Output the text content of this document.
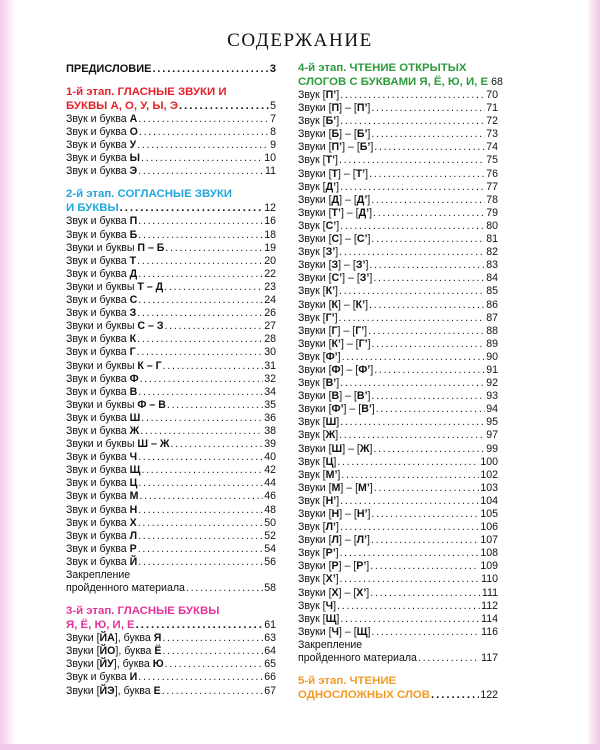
СОДЕРЖАНИЕ
ПРЕДИСЛОВИЕ . . .	3
1-й этап. ГЛАСНЫЕ ЗВУКИ И
БУКВЫ А, О, У, Ы, Э . . .	5
Звук и буква А . . .	7
Звук и буква О . . .	8
Звук и буква У . . .	9
Звук и буква Ы . . .	10
Звук и буква Э . . .	11
2-й этап. СОГЛАСНЫЕ ЗВУКИ
И БУКВЫ . . .	12
Звук и буква П . . .	16
Звук и буква Б . . .	18
Звуки и буквы П – Б . . .	19
Звук и буква Т . . .	20
Звук и буква Д . . .	22
Звуки и буквы Т – Д . . .	23
Звук и буква С . . .	24
Звук и буква З . . .	26
Звуки и буквы С – З . . .	27
Звук и буква К . . .	28
Звук и буква Г . . .	30
Звуки и буквы К – Г . . .	31
Звук и буква Ф . . .	32
Звук и буква В . . .	34
Звуки и буквы Ф – В . . .	35
Звук и буква Ш . . .	36
Звук и буква Ж . . .	38
Звуки и буквы Ш – Ж . . .	39
Звук и буква Ч . . .	40
Звук и буква Щ . . .	42
Звук и буква Ц . . .	44
Звук и буква М . . .	46
Звук и буква Н . . .	48
Звук и буква Х . . .	50
Звук и буква Л . . .	52
Звук и буква Р . . .	54
Звук и буква Й . . .	56
Закрепление
пройденного материала . . .	58
3-й этап. ГЛАСНЫЕ БУКВЫ
Я, Ё, Ю, И, Е . . .	61
Звуки [ЙА], буква Я . . .	63
Звуки [ЙО], буква Ё . . .	64
Звуки [ЙУ], буква Ю . . .	65
Звук и буква И . . .	66
Звуки [ЙЭ], буква Е . . .	67
4-й этап. ЧТЕНИЕ ОТКРЫТЫХ
СЛОГОВ С БУКВАМИ Я, Ё, Ю, И, Е 68
Звук [П’] . . .	70
Звуки [П] – [П’] . . .	71
Звук [Б’] . . .	72
Звуки [Б] – [Б’] . . .	73
Звуки [П’] – [Б’] . . .	74
Звук [Т’] . . .	75
Звуки [Т] – [Т’] . . .	76
Звук [Д’] . . .	77
Звуки [Д] – [Д’] . . .	78
Звуки [Т’] – [Д’] . . .	79
Звук [С’] . . .	80
Звуки [С] – [С’] . . .	81
Звук [З’] . . .	82
Звуки [З] – [З’] . . .	83
Звуки [С’] – [З’] . . .	84
Звук [К’] . . .	85
Звуки [К] – [К’] . . .	86
Звук [Г’] . . .	87
Звуки [Г] – [Г’] . . .	88
Звуки [К’] – [Г’] . . .	89
Звук [Ф’] . . .	90
Звуки [Ф] – [Ф’] . . .	91
Звук [В’] . . .	92
Звуки [В] – [В’] . . .	93
Звуки [Ф’] – [В’] . . .	94
Звук [Ш] . . .	95
Звук [Ж] . . .	97
Звуки [Ш] – [Ж] . . .	99
Звук [Ц] . . .	100
Звук [М’] . . .	102
Звуки [М] – [М’] . . .	103
Звук [Н’] . . .	104
Звуки [Н] – [Н’] . . .	105
Звук [Л’] . . .	106
Звуки [Л] – [Л’] . . .	107
Звук [Р’] . . .	108
Звуки [Р] – [Р’] . . .	109
Звук [Х’] . . .	110
Звуки [Х] – [Х’] . . .	111
Звук [Ч] . . .	112
Звук [Щ] . . .	114
Звуки [Ч] – [Щ] . . .	116
Закрепление
пройденного материала . . .	117
5-й этап. ЧТЕНИЕ
ОДНОСЛОЖНЫХ СЛОВ . . .	122
